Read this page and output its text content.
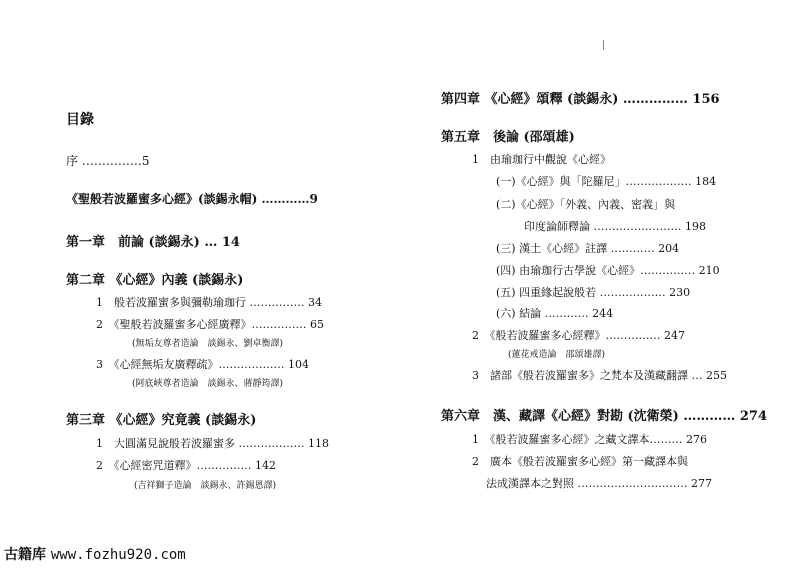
目錄
序 ……………5
《聖般若波羅蜜多心經》(談錫永帽) …………9
第一章　前論 (談錫永) … 14
第二章 《心經》內義 (談錫永)
1　般若波羅蜜多與彌勒瑜珈行 …………… 34
2　《聖般若波羅蜜多心經廣釋》…………… 65
(無垢友尊者造論　談錫永、劉卓衡譯)
3　《心經無垢友廣釋疏》……………… 104
(阿底峽尊者造論　談錫永、蔣靜筠譯)
第三章 《心經》究竟義 (談錫永)
1　大圓滿見說般若波羅蜜多 ……………… 118
2　《心經密咒道釋》…………… 142
(吉祥獅子造論　談錫永、許錫恩譯)
第四章 《心經》頌釋 (談錫永) …………… 156
第五章　後論 (邵頌雄)
1　由瑜珈行中觀說《心經》
(一)《心經》與「陀羅尼」……………… 184
(二)《心經》「外義、內義、密義」與
印度論師釋論 …………………… 198
(三) 漢土《心經》註譯 ………… 204
(四) 由瑜珈行古學說《心經》…………… 210
(五) 四重緣起說般若 ……………… 230
(六) 結論 ………… 244
2　《般若波羅蜜多心經釋》…………… 247
(蓮花戒造論　邵頌雄譯)
3　諸部《般若波羅蜜多》之梵本及漢藏翻譯 … 255
第六章　漢、藏譯《心經》對勘 (沈衛榮) ………… 274
1　《般若波羅蜜多心經》之藏文譯本……… 276
2　廣本《般若波羅蜜多心經》第一藏譯本與
法成漢譯本之對照 ………………………… 277
古籍库 www.fozhu920.com
